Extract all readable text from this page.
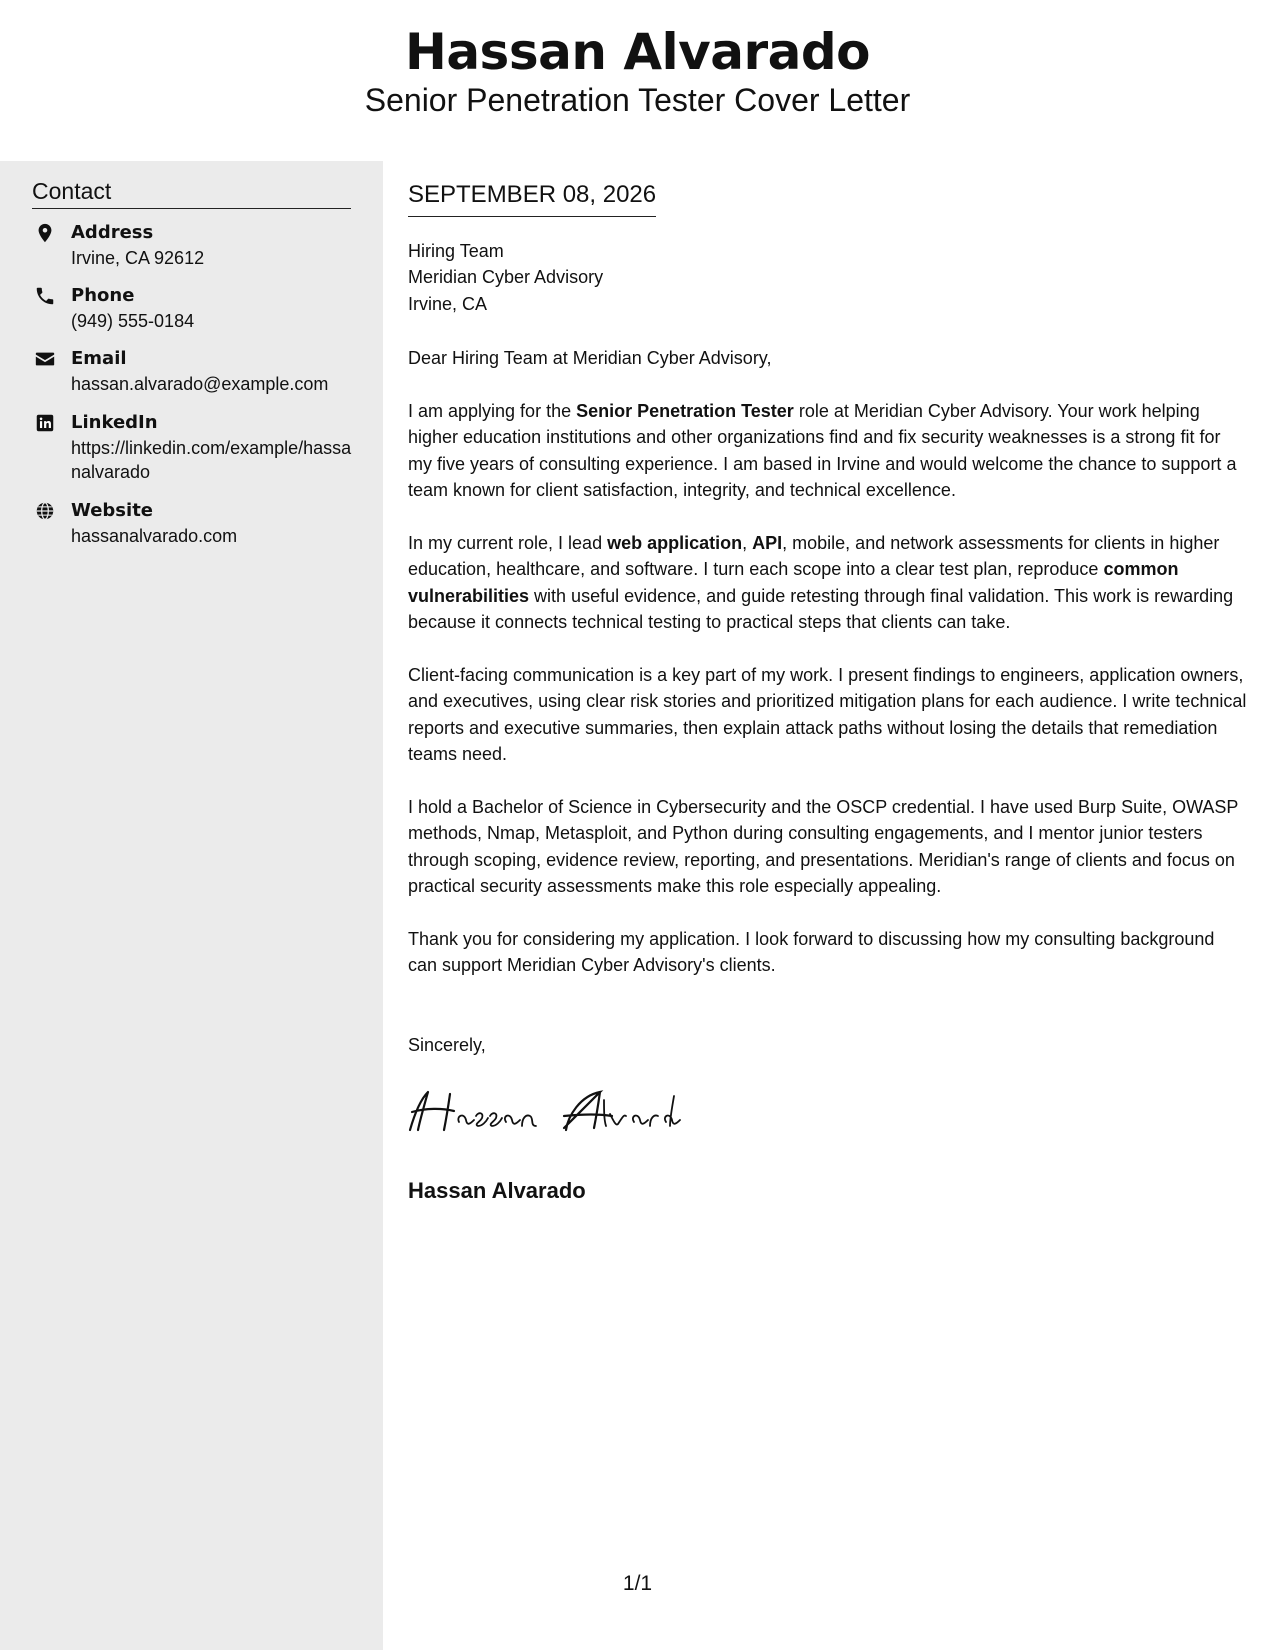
Hassan Alvarado
Senior Penetration Tester Cover Letter
Contact
Address
Irvine, CA 92612
Phone
(949) 555-0184
Email
hassan.alvarado@example.com
LinkedIn
https://linkedin.com/example/hassanalvarado
Website
hassanalvarado.com
SEPTEMBER 08, 2026
Hiring Team
Meridian Cyber Advisory
Irvine, CA

Dear Hiring Team at Meridian Cyber Advisory,

I am applying for the Senior Penetration Tester role at Meridian Cyber Advisory. Your work helping higher education institutions and other organizations find and fix security weaknesses is a strong fit for my five years of consulting experience. I am based in Irvine and would welcome the chance to support a team known for client satisfaction, integrity, and technical excellence.

In my current role, I lead web application, API, mobile, and network assessments for clients in higher education, healthcare, and software. I turn each scope into a clear test plan, reproduce common vulnerabilities with useful evidence, and guide retesting through final validation. This work is rewarding because it connects technical testing to practical steps that clients can take.

Client-facing communication is a key part of my work. I present findings to engineers, application owners, and executives, using clear risk stories and prioritized mitigation plans for each audience. I write technical reports and executive summaries, then explain attack paths without losing the details that remediation teams need.

I hold a Bachelor of Science in Cybersecurity and the OSCP credential. I have used Burp Suite, OWASP methods, Nmap, Metasploit, and Python during consulting engagements, and I mentor junior testers through scoping, evidence review, reporting, and presentations. Meridian's range of clients and focus on practical security assessments make this role especially appealing.

Thank you for considering my application. I look forward to discussing how my consulting background can support Meridian Cyber Advisory's clients.

Sincerely,

Hassan Alvarado
1/1
